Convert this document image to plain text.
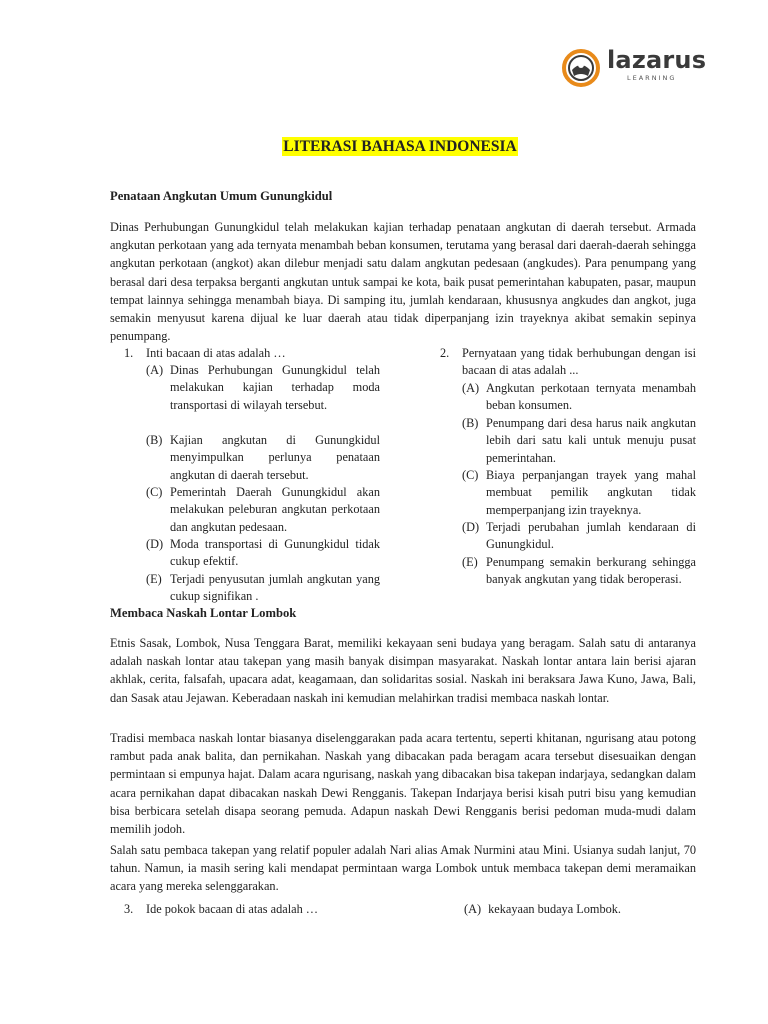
lazarus
LEARNING
LITERASI BAHASA INDONESIA
Penataan Angkutan Umum Gunungkidul

Dinas Perhubungan Gunungkidul telah melakukan kajian terhadap penataan angkutan di daerah tersebut. Armada angkutan perkotaan yang ada ternyata menambah beban konsumen, terutama yang berasal dari daerah-daerah sehingga angkutan perkotaan (angkot) akan dilebur menjadi satu dalam angkutan pedesaan (angkudes). Para penumpang yang berasal dari desa terpaksa berganti angkutan untuk sampai ke kota, baik pusat pemerintahan kabupaten, pasar, maupun tempat lainnya sehingga menambah biaya. Di samping itu, jumlah kendaraan, khususnya angkudes dan angkot, juga semakin menyusut karena dijual ke luar daerah atau tidak diperpanjang izin trayeknya akibat semakin sepinya penumpang.

1. Inti bacaan di atas adalah …
(A) Dinas Perhubungan Gunungkidul telah melakukan kajian terhadap moda transportasi di wilayah tersebut.
(B) Kajian angkutan di Gunungkidul menyimpulkan perlunya penataan angkutan di daerah tersebut.
(C) Pemerintah Daerah Gunungkidul akan melakukan peleburan angkutan perkotaan dan angkutan pedesaan.
(D) Moda transportasi di Gunungkidul tidak cukup efektif.
(E) Terjadi penyusutan jumlah angkutan yang cukup signifikan .
2. Pernyataan yang tidak berhubungan dengan isi bacaan di atas adalah ...
(A) Angkutan perkotaan ternyata menambah beban konsumen.
(B) Penumpang dari desa harus naik angkutan lebih dari satu kali untuk menuju pusat pemerintahan.
(C) Biaya perpanjangan trayek yang mahal membuat pemilik angkutan tidak memperpanjang izin trayeknya.
(D) Terjadi perubahan jumlah kendaraan di Gunungkidul.
(E) Penumpang semakin berkurang sehingga banyak angkutan yang tidak beroperasi.
Membaca Naskah Lontar Lombok

Etnis Sasak, Lombok, Nusa Tenggara Barat, memiliki kekayaan seni budaya yang beragam. Salah satu di antaranya adalah naskah lontar atau takepan yang masih banyak disimpan masyarakat. Naskah lontar antara lain berisi ajaran akhlak, cerita, falsafah, upacara adat, keagamaan, dan solidaritas sosial. Naskah ini beraksara Jawa Kuno, Jawa, Bali, dan Sasak atau Jejawan. Keberadaan naskah ini kemudian melahirkan tradisi membaca naskah lontar.

Tradisi membaca naskah lontar biasanya diselenggarakan pada acara tertentu, seperti khitanan, ngurisang atau potong rambut pada anak balita, dan pernikahan. Naskah yang dibacakan pada beragam acara tersebut disesuaikan dengan permintaan si empunya hajat. Dalam acara ngurisang, naskah yang dibacakan bisa takepan indarjaya, sedangkan dalam acara pernikahan dapat dibacakan naskah Dewi Rengganis. Takepan Indarjaya berisi kisah putri bisu yang kemudian bisa berbicara setelah disapa seorang pemuda. Adapun naskah Dewi Rengganis berisi pedoman muda-mudi dalam memilih jodoh.

Salah satu pembaca takepan yang relatif populer adalah Nari alias Amak Nurmini atau Mini. Usianya sudah lanjut, 70 tahun. Namun, ia masih sering kali mendapat permintaan warga Lombok untuk membaca takepan demi meramaikan acara yang mereka selenggarakan.

3. Ide pokok bacaan di atas adalah …	(A) kekayaan budaya Lombok.
